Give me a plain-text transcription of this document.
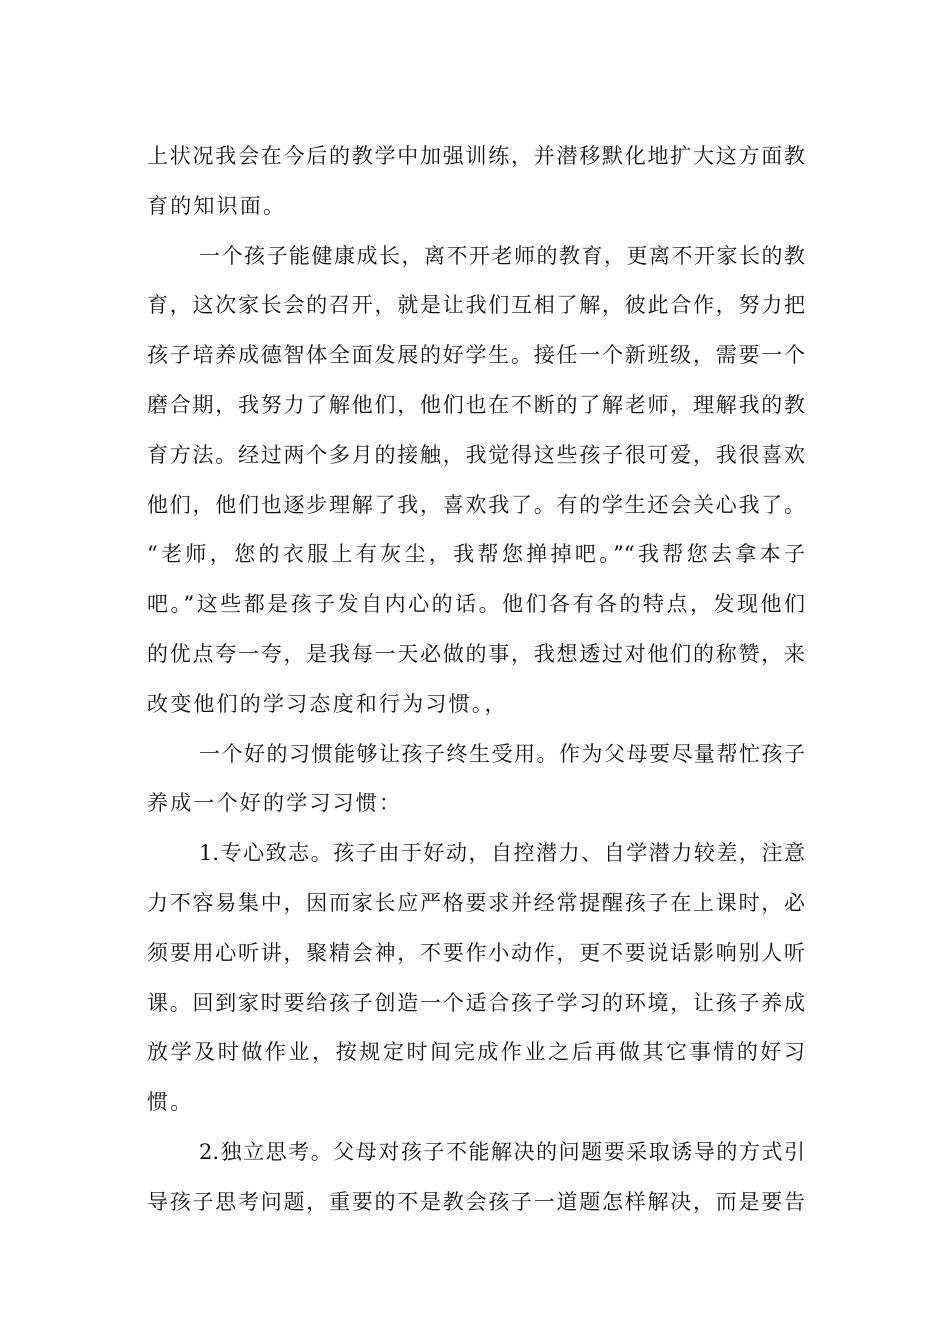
上状况我会在今后的教学中加强训练，并潜移默化地扩大这方面教
育的知识面。
一个孩子能健康成长，离不开老师的教育，更离不开家长的教
育，这次家长会的召开，就是让我们互相了解，彼此合作，努力把
孩子培养成德智体全面发展的好学生。接任一个新班级，需要一个
磨合期，我努力了解他们，他们也在不断的了解老师，理解我的教
育方法。经过两个多月的接触，我觉得这些孩子很可爱，我很喜欢
他们，他们也逐步理解了我，喜欢我了。有的学生还会关心我了。
“老师，您的衣服上有灰尘，我帮您掸掉吧。”“我帮您去拿本子
吧。”这些都是孩子发自内心的话。他们各有各的特点，发现他们
的优点夸一夸，是我每一天必做的事，我想透过对他们的称赞，来
改变他们的学习态度和行为习惯。，
一个好的习惯能够让孩子终生受用。作为父母要尽量帮忙孩子
养成一个好的学习习惯：
1.专心致志。孩子由于好动，自控潜力、自学潜力较差，注意
力不容易集中，因而家长应严格要求并经常提醒孩子在上课时，必
须要用心听讲，聚精会神，不要作小动作，更不要说话影响别人听
课。回到家时要给孩子创造一个适合孩子学习的环境，让孩子养成
放学及时做作业，按规定时间完成作业之后再做其它事情的好习
惯。
2.独立思考。父母对孩子不能解决的问题要采取诱导的方式引
导孩子思考问题，重要的不是教会孩子一道题怎样解决，而是要告
